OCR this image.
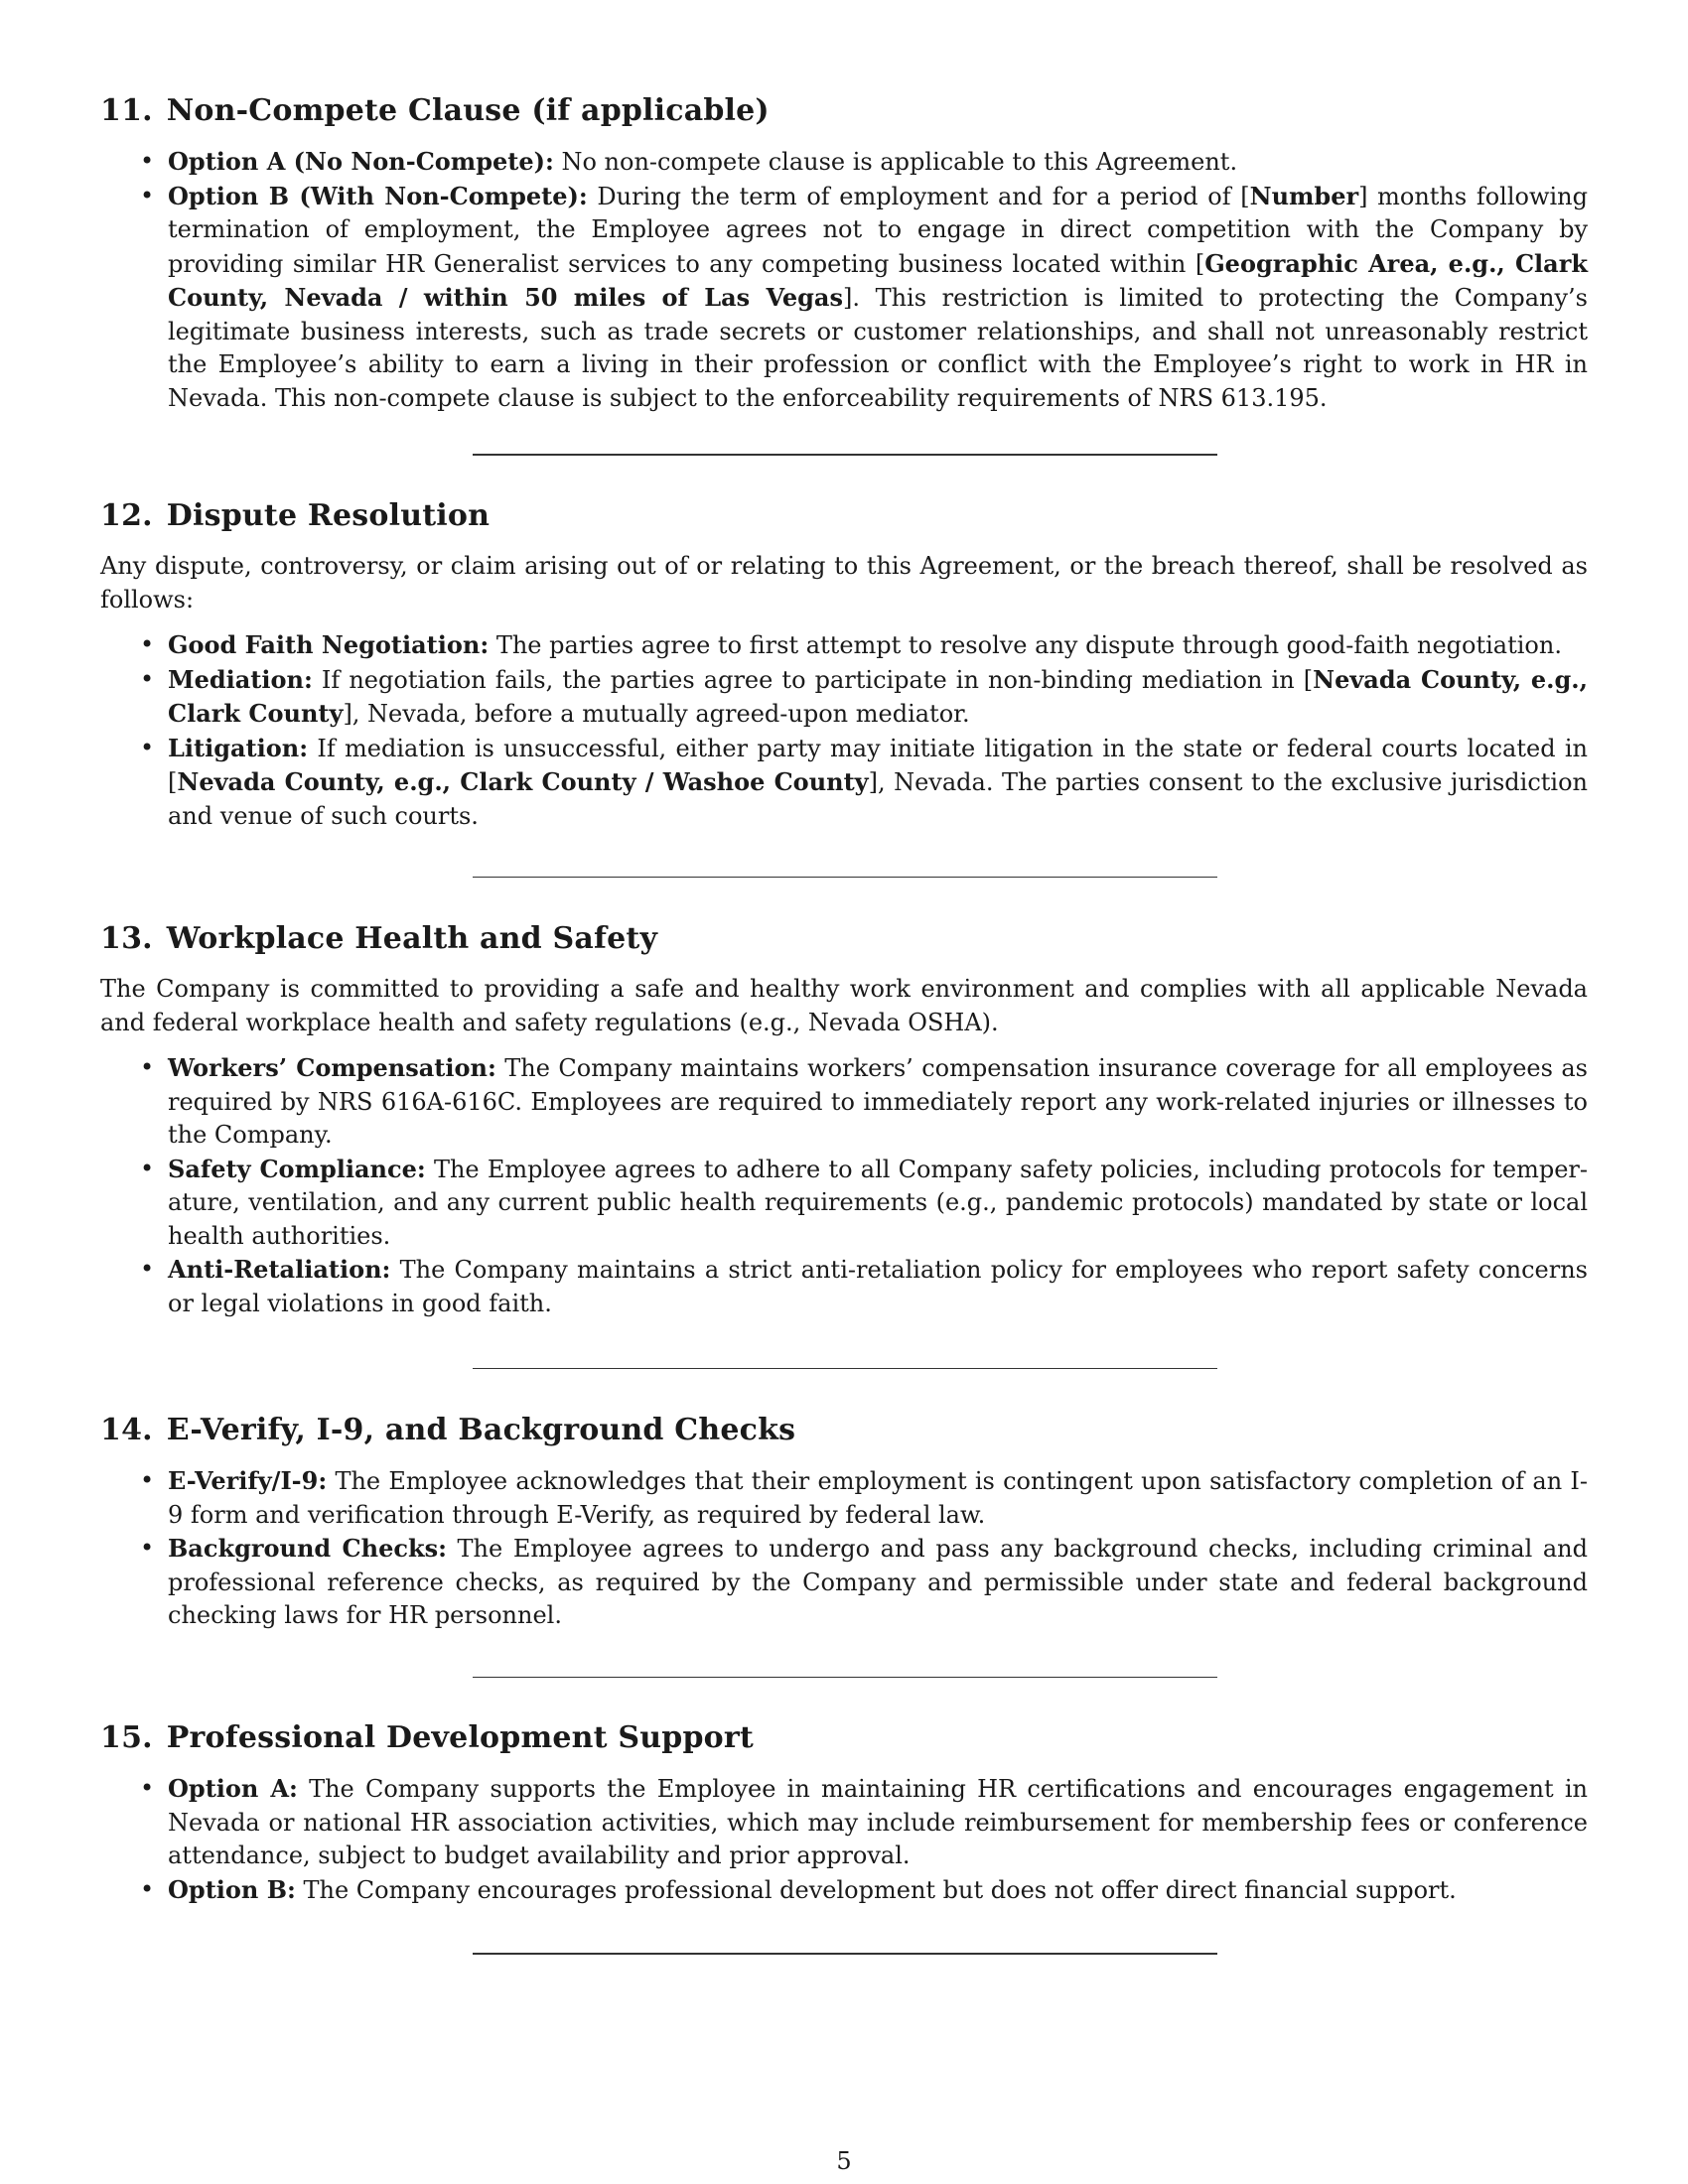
11. Non-Compete Clause (if applicable)
• Option A (No Non-Compete): No non-compete clause is applicable to this Agreement.
• Option B (With Non-Compete): During the term of employment and for a period of [Number] months following termination of employment, the Employee agrees not to engage in direct competition with the Company by providing similar HR Generalist services to any competing business located within [Geographic Area, e.g., Clark County, Nevada / within 50 miles of Las Vegas]. This restriction is limited to protecting the Company’s legitimate business interests, such as trade secrets or customer relationships, and shall not unreasonably restrict the Employee’s ability to earn a living in their profession or conflict with the Employee’s right to work in HR in Nevada. This non-compete clause is subject to the enforceability requirements of NRS 613.195.
12. Dispute Resolution

Any dispute, controversy, or claim arising out of or relating to this Agreement, or the breach thereof, shall be resolved as follows:

• Good Faith Negotiation: The parties agree to first attempt to resolve any dispute through good-faith negotiation.
• Mediation: If negotiation fails, the parties agree to participate in non-binding mediation in [Nevada County, e.g., Clark County], Nevada, before a mutually agreed-upon mediator.
• Litigation: If mediation is unsuccessful, either party may initiate litigation in the state or federal courts located in [Nevada County, e.g., Clark County / Washoe County], Nevada. The parties consent to the exclusive jurisdiction and venue of such courts.
13. Workplace Health and Safety

The Company is committed to providing a safe and healthy work environment and complies with all applicable Nevada and federal workplace health and safety regulations (e.g., Nevada OSHA).

• Workers’ Compensation: The Company maintains workers’ compensation insurance coverage for all employees as required by NRS 616A-616C. Employees are required to immediately report any work-related injuries or illnesses to the Company.
• Safety Compliance: The Employee agrees to adhere to all Company safety policies, including protocols for temper-ature, ventilation, and any current public health requirements (e.g., pandemic protocols) mandated by state or local health authorities.
• Anti-Retaliation: The Company maintains a strict anti-retaliation policy for employees who report safety concerns or legal violations in good faith.
14. E-Verify, I-9, and Background Checks
• E-Verify/I-9: The Employee acknowledges that their employment is contingent upon satisfactory completion of an I-9 form and verification through E-Verify, as required by federal law.
• Background Checks: The Employee agrees to undergo and pass any background checks, including criminal and professional reference checks, as required by the Company and permissible under state and federal background checking laws for HR personnel.
15. Professional Development Support
• Option A: The Company supports the Employee in maintaining HR certifications and encourages engagement in Nevada or national HR association activities, which may include reimbursement for membership fees or conference attendance, subject to budget availability and prior approval.
• Option B: The Company encourages professional development but does not offer direct financial support.
5
